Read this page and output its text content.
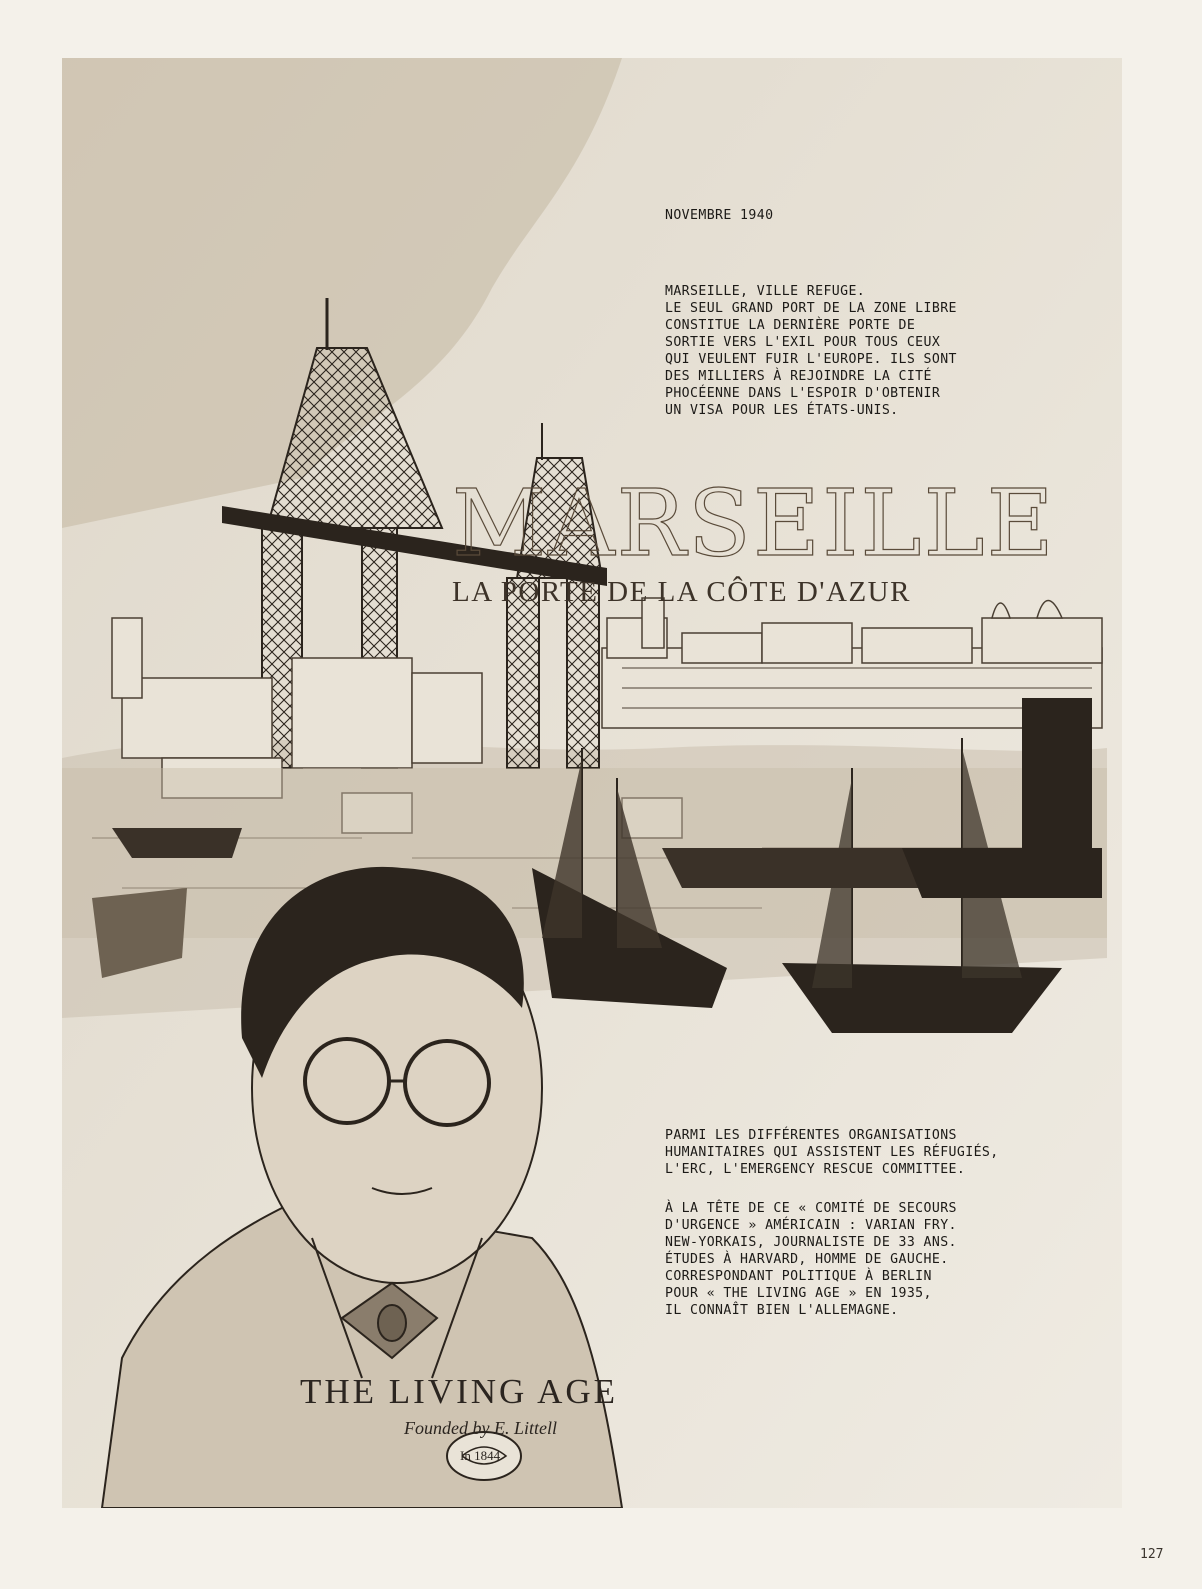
MARSEILLE
LA PORTE DE LA CÔTE D'AZUR

NOVEMBRE 1940

MARSEILLE, VILLE REFUGE.
LE SEUL GRAND PORT DE LA ZONE LIBRE
CONSTITUE LA DERNIÈRE PORTE DE
SORTIE VERS L'EXIL POUR TOUS CEUX
QUI VEULENT FUIR L'EUROPE. ILS SONT
DES MILLIERS À REJOINDRE LA CITÉ
PHOCÉENNE DANS L'ESPOIR D'OBTENIR
UN VISA POUR LES ÉTATS-UNIS.

PARMI LES DIFFÉRENTES ORGANISATIONS
HUMANITAIRES QUI ASSISTENT LES RÉFUGIÉS,
L'ERC, L'EMERGENCY RESCUE COMMITTEE.

À LA TÊTE DE CE « COMITÉ DE SECOURS
D'URGENCE » AMÉRICAIN : VARIAN FRY.
NEW-YORKAIS, JOURNALISTE DE 33 ANS.
ÉTUDES À HARVARD, HOMME DE GAUCHE.
CORRESPONDANT POLITIQUE À BERLIN
POUR « THE LIVING AGE » EN 1935,
IL CONNAÎT BIEN L'ALLEMAGNE.

THE LIVING AGE
Founded by E. Littell
In 1844
127
